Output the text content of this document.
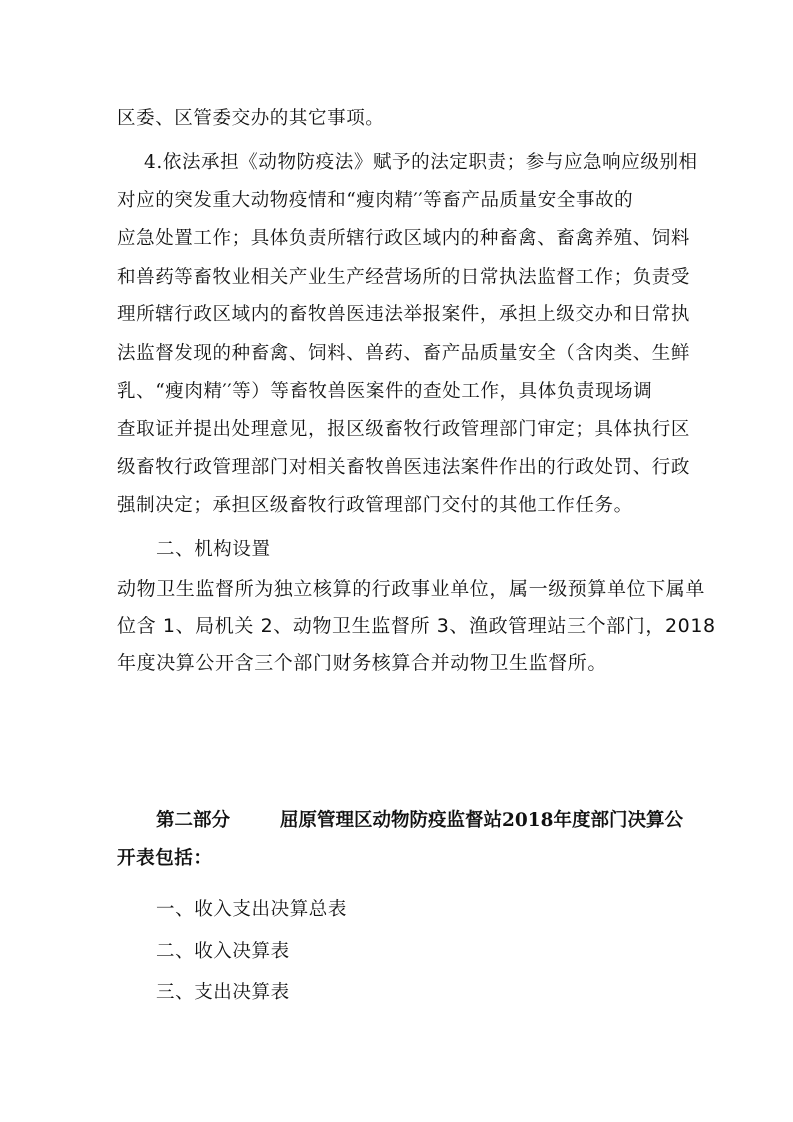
区委、区管委交办的其它事项。
4.依法承担《动物防疫法》赋予的法定职责；参与应急响应级别相
对应的突发重大动物疫情和“瘦肉精′′等畜产品质量安全事故的
应急处置工作；具体负责所辖行政区域内的种畜禽、畜禽养殖、饲料
和兽药等畜牧业相关产业生产经营场所的日常执法监督工作；负责受
理所辖行政区域内的畜牧兽医违法举报案件，承担上级交办和日常执
法监督发现的种畜禽、饲料、兽药、畜产品质量安全（含肉类、生鲜
乳、“瘦肉精′′等）等畜牧兽医案件的查处工作，具体负责现场调
查取证并提出处理意见，报区级畜牧行政管理部门审定；具体执行区
级畜牧行政管理部门对相关畜牧兽医违法案件作出的行政处罚、行政
强制决定；承担区级畜牧行政管理部门交付的其他工作任务。
二、机构设置
动物卫生监督所为独立核算的行政事业单位，属一级预算单位下属单
位含 1、局机关 2、动物卫生监督所 3、渔政管理站三个部门，2018
年度决算公开含三个部门财务核算合并动物卫生监督所。
第二部分	屈原管理区动物防疫监督站2018年度部门决算公
开表包括：
一、收入支出决算总表
二、收入决算表
三、支出决算表
